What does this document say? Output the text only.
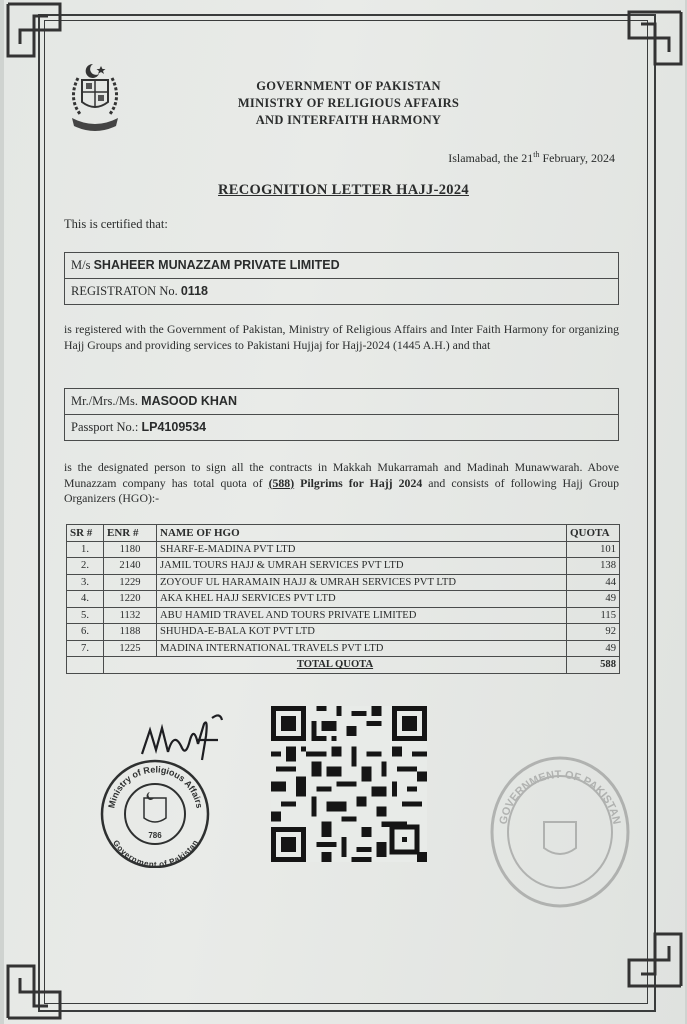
GOVERNMENT OF PAKISTAN
MINISTRY OF RELIGIOUS AFFAIRS
AND INTERFAITH HARMONY
Islamabad, the 21th February, 2024
RECOGNITION LETTER HAJJ-2024
This is certified that:
M/s SHAHEER MUNAZZAM PRIVATE LIMITED
REGISTRATON No. 0118
is registered with the Government of Pakistan, Ministry of Religious Affairs and Inter Faith Harmony for organizing Hajj Groups and providing services to Pakistani Hujjaj for Hajj-2024 (1445 A.H.) and that
Mr./Mrs./Ms. MASOOD KHAN
Passport No.: LP4109534
is the designated person to sign all the contracts in Makkah Mukarramah and Madinah Munawwarah. Above Munazzam company has total quota of (588) Pilgrims for Hajj 2024 and consists of following Hajj Group Organizers (HGO):-
SR #	ENR #	NAME OF HGO	QUOTA
1.	1180	SHARF-E-MADINA PVT LTD	101
2.	2140	JAMIL TOURS HAJJ & UMRAH SERVICES PVT LTD	138
3.	1229	ZOYOUF UL HARAMAIN HAJJ & UMRAH SERVICES PVT LTD	44
4.	1220	AKA KHEL HAJJ SERVICES PVT LTD	49
5.	1132	ABU HAMID TRAVEL AND TOURS PRIVATE LIMITED	115
6.	1188	SHUHDA-E-BALA KOT PVT LTD	92
7.	1225	MADINA INTERNATIONAL TRAVELS PVT LTD	49
	TOTAL QUOTA		588
MAkf
Ministry of Religious Affairs
Government of Pakistan
786
GOVERNMENT OF PAKISTAN
